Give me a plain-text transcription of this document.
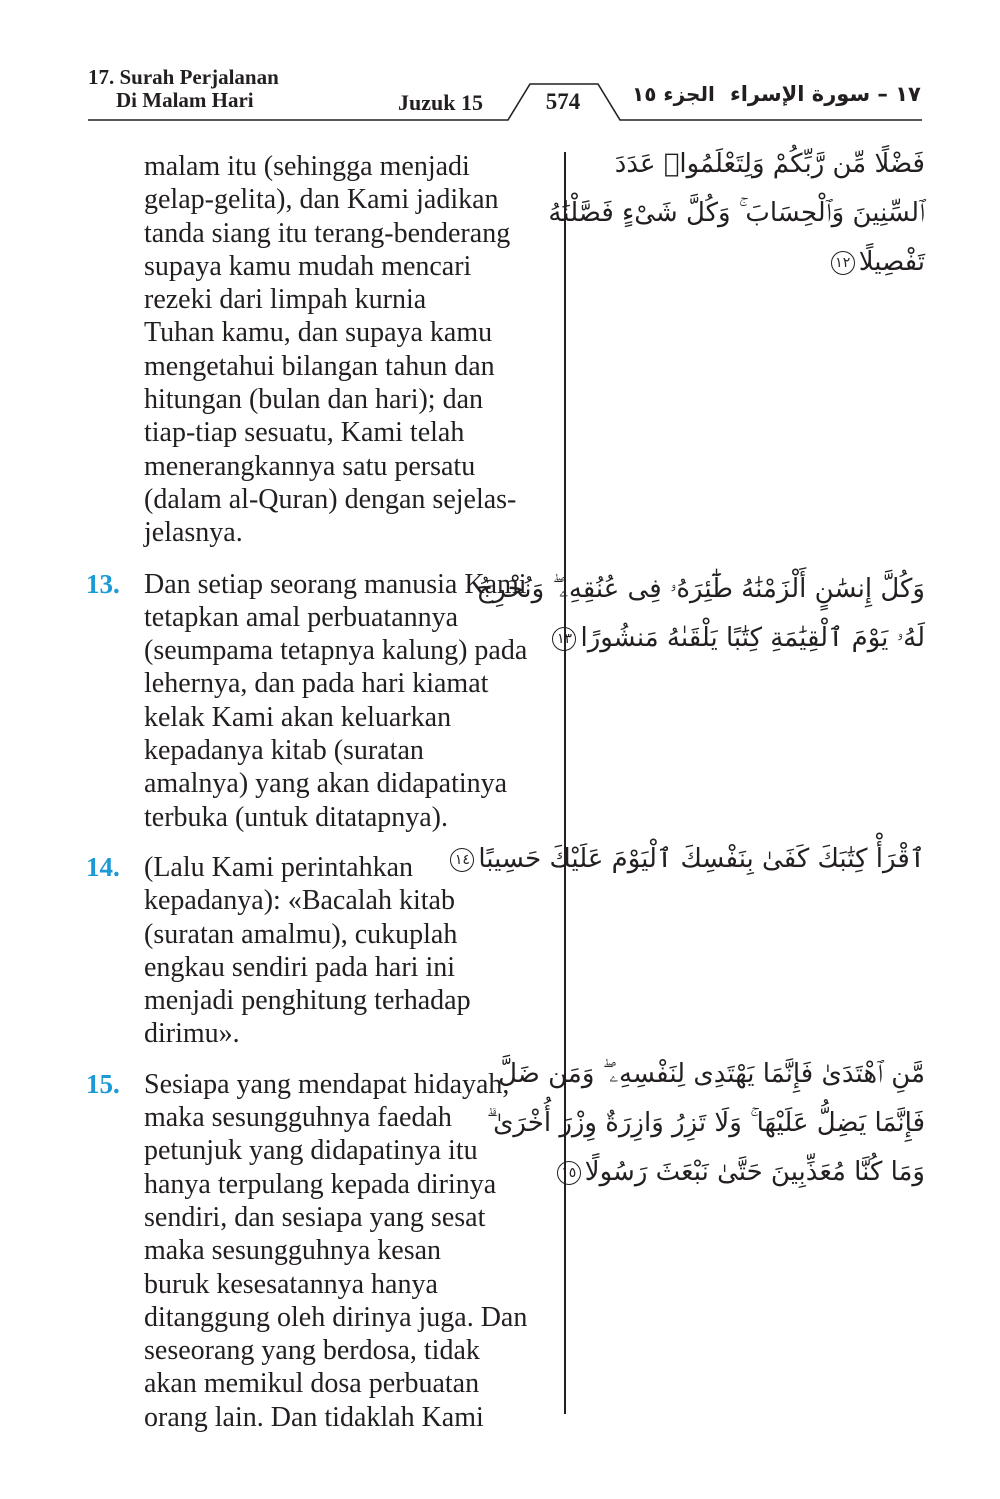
17. Surah Perjalanan
Di Malam Hari	Juzuk 15	574	الجزء ١٥ ١٧ – سورة الإسراء
malam itu (sehingga menjadi
gelap-gelita), dan Kami jadikan
tanda siang itu terang-benderang
supaya kamu mudah mencari
rezeki dari limpah kurnia
Tuhan kamu, dan supaya kamu
mengetahui bilangan tahun dan
hitungan (bulan dan hari); dan
tiap-tiap sesuatu, Kami telah
menerangkannya satu persatu
(dalam al-Quran) dengan sejelas-
jelasnya.
13. Dan setiap seorang manusia Kami
tetapkan amal perbuatannya
(seumpama tetapnya kalung) pada
lehernya, dan pada hari kiamat
kelak Kami akan keluarkan
kepadanya kitab (suratan
amalnya) yang akan didapatinya
terbuka (untuk ditatapnya).
14. (Lalu Kami perintahkan
kepadanya): «Bacalah kitab
(suratan amalmu), cukuplah
engkau sendiri pada hari ini
menjadi penghitung terhadap
dirimu».
15. Sesiapa yang mendapat hidayah,
maka sesungguhnya faedah
petunjuk yang didapatinya itu
hanya terpulang kepada dirinya
sendiri, dan sesiapa yang sesat
maka sesungguhnya kesan
buruk kesesatannya hanya
ditanggung oleh dirinya juga. Dan
seseorang yang berdosa, tidak
akan memikul dosa perbuatan
orang lain. Dan tidaklah Kami
فَضْلًا مِّن رَّبِّكُمْ وَلِتَعْلَمُوا۟ عَدَدَ
ٱلسِّنِينَ وَٱلْحِسَابَ ۚ وَكُلَّ شَىْءٍ فَصَّلْنَٰهُ
تَفْصِيلًا١٢
وَكُلَّ إِنسَٰنٍ أَلْزَمْنَٰهُ طَٰٓئِرَهُۥ فِى عُنُقِهِۦ ۖ وَنُخْرِجُ
لَهُۥ يَوْمَ ٱلْقِيَٰمَةِ كِتَٰبًا يَلْقَىٰهُ مَنشُورًا١٣
ٱقْرَأْ كِتَٰبَكَ كَفَىٰ بِنَفْسِكَ ٱلْيَوْمَ عَلَيْكَ حَسِيبًا١٤
مَّنِ ٱهْتَدَىٰ فَإِنَّمَا يَهْتَدِى لِنَفْسِهِۦ ۖ وَمَن ضَلَّ
فَإِنَّمَا يَضِلُّ عَلَيْهَا ۚ وَلَا تَزِرُ وَازِرَةٌ وِزْرَ أُخْرَىٰ ۗ
وَمَا كُنَّا مُعَذِّبِينَ حَتَّىٰ نَبْعَثَ رَسُولًا١٥
